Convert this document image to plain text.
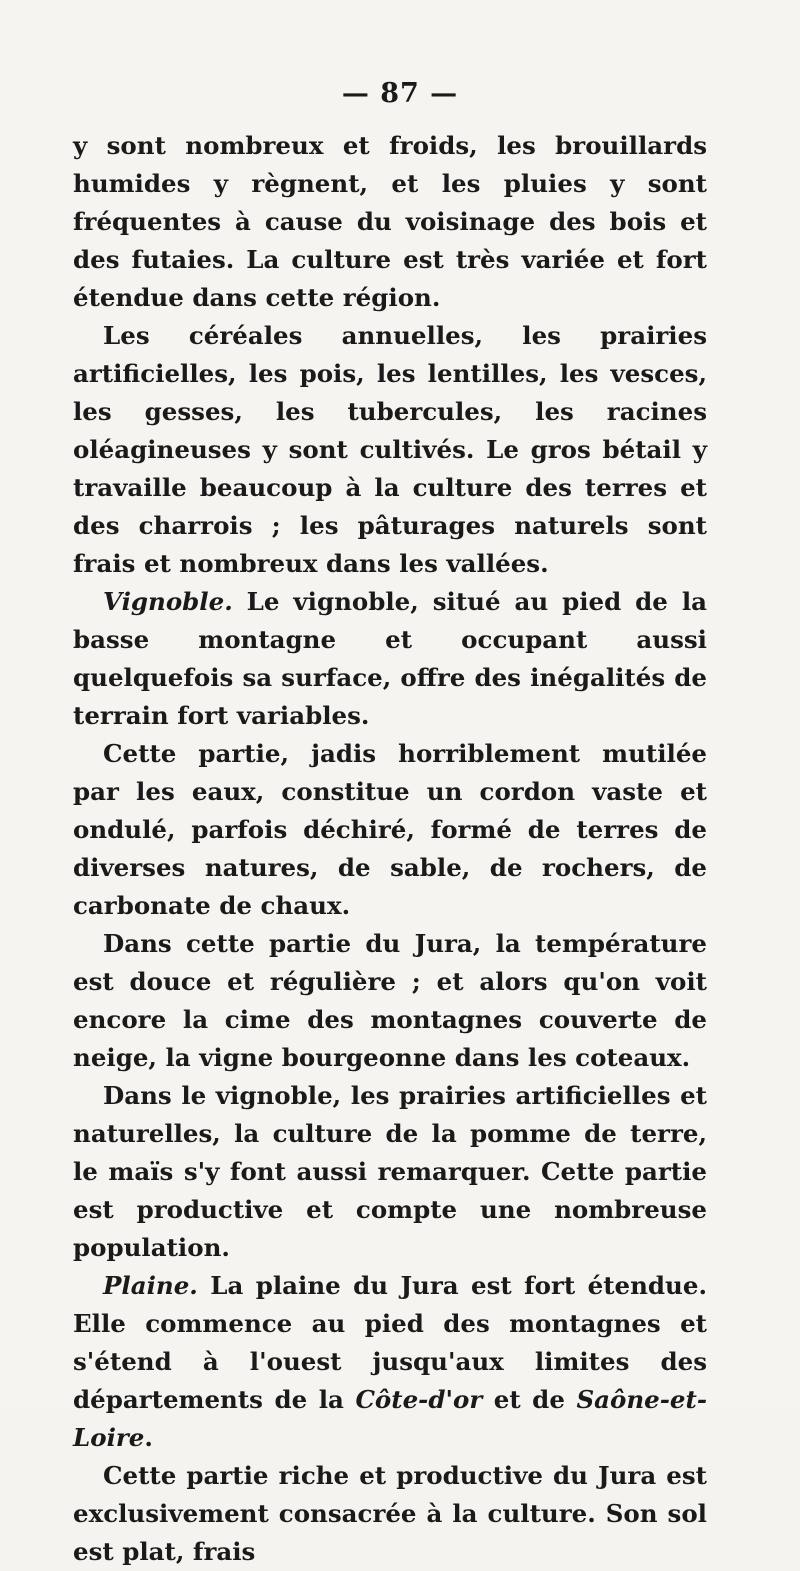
— 87 —

y sont nombreux et froids, les brouillards humides y règnent, et les pluies y sont fréquentes à cause du voisinage des bois et des futaies. La culture est très variée et fort étendue dans cette région.

Les céréales annuelles, les prairies artificielles, les pois, les lentilles, les vesces, les gesses, les tubercules, les racines oléagineuses y sont cultivés. Le gros bétail y travaille beaucoup à la culture des terres et des charrois ; les pâturages naturels sont frais et nombreux dans les vallées.

Vignoble. Le vignoble, situé au pied de la basse montagne et occupant aussi quelquefois sa surface, offre des inégalités de terrain fort variables.

Cette partie, jadis horriblement mutilée par les eaux, constitue un cordon vaste et ondulé, parfois déchiré, formé de terres de diverses natures, de sable, de rochers, de carbonate de chaux.

Dans cette partie du Jura, la température est douce et régulière ; et alors qu'on voit encore la cime des montagnes couverte de neige, la vigne bourgeonne dans les coteaux.

Dans le vignoble, les prairies artificielles et naturelles, la culture de la pomme de terre, le maïs s'y font aussi remarquer. Cette partie est productive et compte une nombreuse population.

Plaine. La plaine du Jura est fort étendue. Elle commence au pied des montagnes et s'étend à l'ouest jusqu'aux limites des départements de la Côte-d'or et de Saône-et-Loire.

Cette partie riche et productive du Jura est exclusivement consacrée à la culture. Son sol est plat, frais
